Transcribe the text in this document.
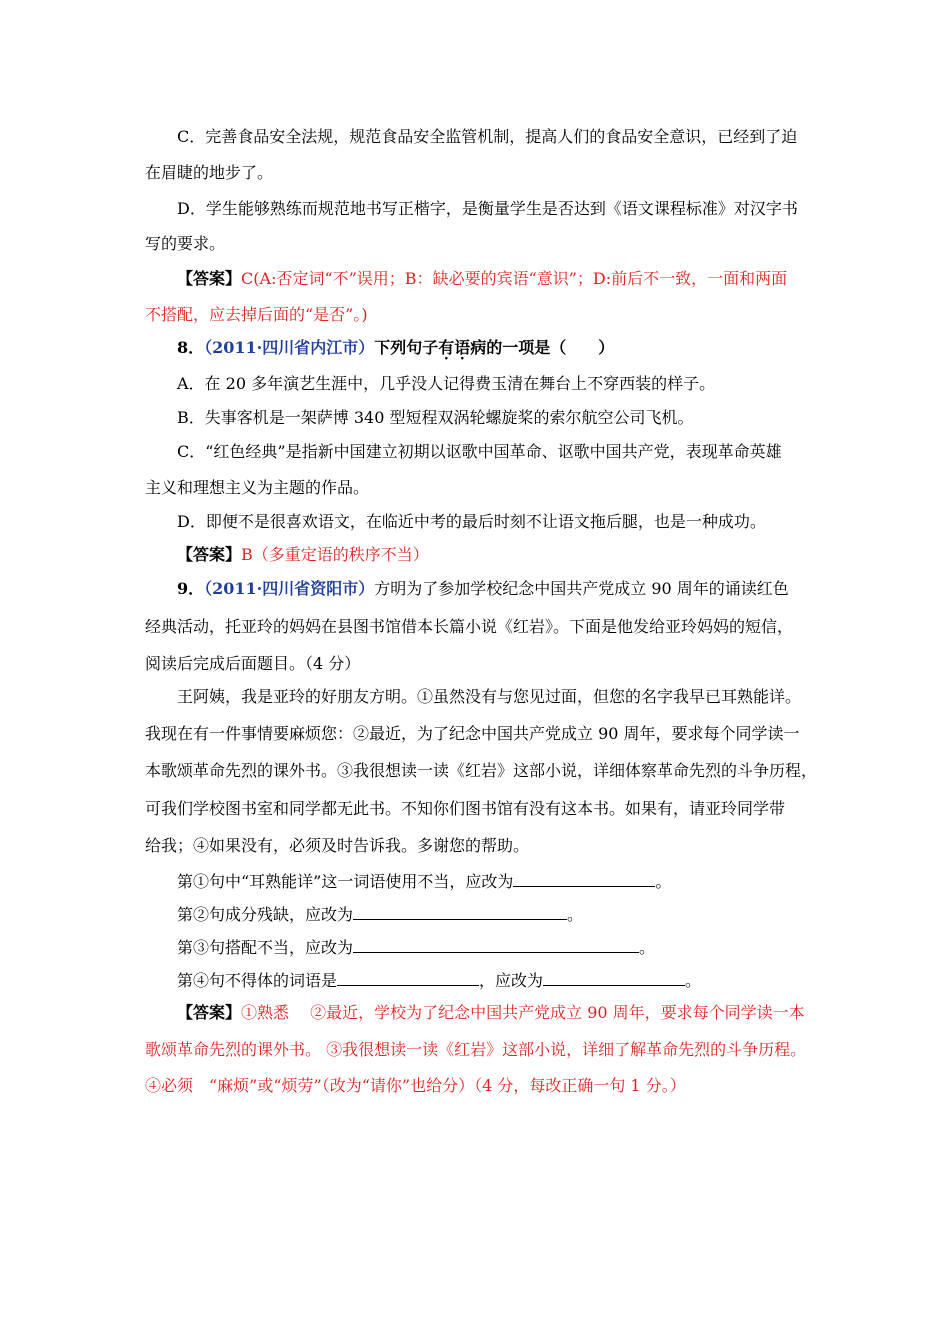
C．完善食品安全法规，规范食品安全监管机制，提高人们的食品安全意识，已经到了迫
在眉睫的地步了。
D．学生能够熟练而规范地书写正楷字，是衡量学生是否达到《语文课程标准》对汉字书
写的要求。
【答案】C(A:否定词“不”误用；B：缺必要的宾语“意识”；D:前后不一致，一面和两面
不搭配，应去掉后面的“是否”。)
8．（2011·四川省内江市）下列句子有语病的一项是（　　）
A．在 20 多年演艺生涯中，几乎没人记得费玉清在舞台上不穿西装的样子。
B．失事客机是一架萨博 340 型短程双涡轮螺旋桨的索尔航空公司飞机。
C．“红色经典”是指新中国建立初期以讴歌中国革命、讴歌中国共产党，表现革命英雄
主义和理想主义为主题的作品。
D．即便不是很喜欢语文，在临近中考的最后时刻不让语文拖后腿，也是一种成功。
【答案】B（多重定语的秩序不当）
9．（2011·四川省资阳市）方明为了参加学校纪念中国共产党成立 90 周年的诵读红色
经典活动，托亚玲的妈妈在县图书馆借本长篇小说《红岩》。下面是他发给亚玲妈妈的短信，
阅读后完成后面题目。（4 分）
王阿姨，我是亚玲的好朋友方明。①虽然没有与您见过面，但您的名字我早已耳熟能详。
我现在有一件事情要麻烦您：②最近，为了纪念中国共产党成立 90 周年，要求每个同学读一
本歌颂革命先烈的课外书。③我很想读一读《红岩》这部小说，详细体察革命先烈的斗争历程，
可我们学校图书室和同学都无此书。不知你们图书馆有没有这本书。如果有，请亚玲同学带
给我；④如果没有，必须及时告诉我。多谢您的帮助。
第①句中“耳熟能详”这一词语使用不当，应改为	。
第②句成分残缺，应改为	。
第③句搭配不当，应改为	。
第④句不得体的词语是	，应改为	。
【答案】①熟悉　 ②最近，学校为了纪念中国共产党成立 90 周年，要求每个同学读一本
歌颂革命先烈的课外书。 ③我很想读一读《红岩》这部小说，详细了解革命先烈的斗争历程。
④必须　“麻烦”或“烦劳”（改为“请你”也给分）（4 分，每改正确一句 1 分。）
